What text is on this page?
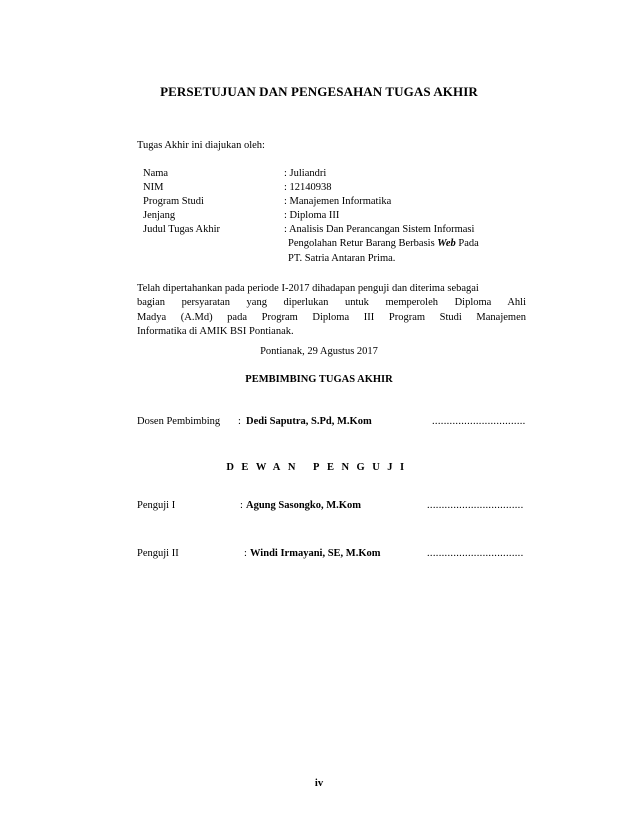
PERSETUJUAN DAN PENGESAHAN TUGAS AKHIR
Tugas Akhir ini diajukan oleh:
Nama	: Juliandri
NIM	: 12140938
Program Studi	: Manajemen Informatika
Jenjang	: Diploma III
Judul Tugas Akhir	: Analisis Dan Perancangan Sistem Informasi
Pengolahan Retur Barang Berbasis Web Pada
PT. Satria Antaran Prima.

Telah dipertahankan pada periode I-2017 dihadapan penguji dan diterima sebagai

bagian persyaratan yang diperlukan untuk memperoleh Diploma Ahli

Madya (A.Md) pada Program Diploma III Program Studi Manajemen

Informatika di AMIK BSI Pontianak.

Pontianak, 29 Agustus 2017
PEMBIMBING TUGAS AKHIR
Dosen Pembimbing : Dedi Saputra, S.Pd, M.Kom	................................
DEWAN PENGUJI
Penguji I	: Agung Sasongko, M.Kom	.................................
Penguji II	: Windi Irmayani, SE, M.Kom	.................................
iv
